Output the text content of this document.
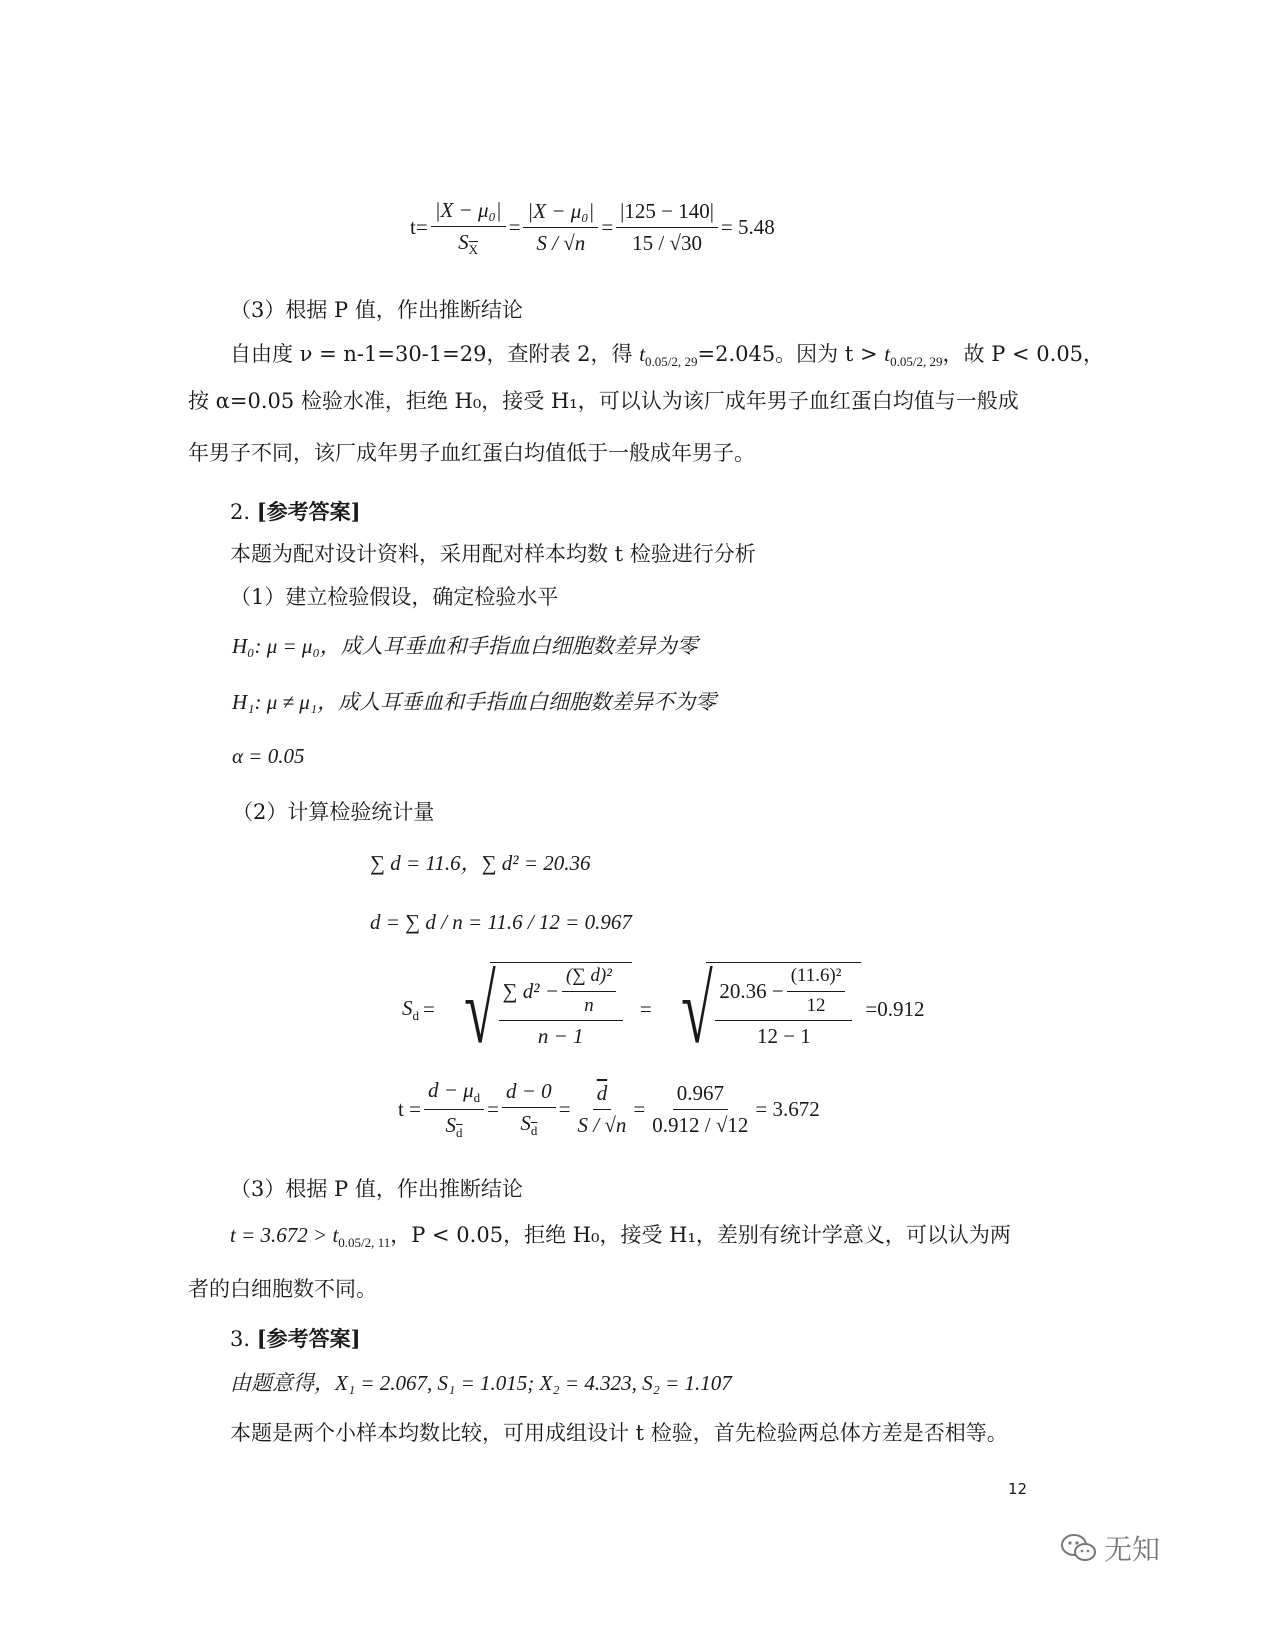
$t= \frac{\text{|X − μ₀|}}{S_{\overline{X}}} = \frac{\text{|X − μ₀|}}{S / √n} = \frac{|125 - 140|}{15 / √30} = 5.48$
（3）根据 P 值，作出推断结论
自由度 ν = n-1=30-1=29，查附表 2，得 $t_{0.05/2, 29}=2.045$。因为 $t > t_{0.05/2, 29}$，故 P < 0.05，
按 α=0.05 检验水准，拒绝 H₀，接受 H₁，可以认为该厂成年男子血红蛋白均值与一般成
年男子不同，该厂成年男子血红蛋白均值低于一般成年男子。
2. [参考答案]
本题为配对设计资料，采用配对样本均数 t 检验进行分析
（1）建立检验假设，确定检验水平
H₀: μ = μ₀，成人耳垂血和手指血白细胞数差异为零
H₁: μ ≠ μ₁，成人耳垂血和手指血白细胞数差异不为零
α = 0.05
（2）计算检验统计量
∑ d = 11.6，∑ d² = 20.36
d = ∑ d / n = 11.6 / 12 = 0.967
$S_d$ = √ $\frac{\sum d^2 - \frac{\text{(∑ d)²}}{n}}{n - 1}$ = √ $\frac{20.36 - \frac{\text{(11.6)²}}{12}}{12 - 1} =0.912$
$t = \frac{d - \mu_d}{S_{\overline{d}}} = \frac{d - 0}{S_{\overline{d}}} = \frac{\overline{d}}{S / √n} = \frac{0.967}{0.912 / √12} = 3.672$
（3）根据 P 值，作出推断结论
$t = 3.672 > t_{0.05/2, 11}$，P < 0.05，拒绝 H₀，接受 H₁，差别有统计学意义，可以认为两
者的白细胞数不同。
3. [参考答案]
由题意得，X₁ = 2.067, S₁ = 1.015; X₂ = 4.323, S₂ = 1.107
本题是两个小样本均数比较，可用成组设计 t 检验，首先检验两总体方差是否相等。
12
无知
